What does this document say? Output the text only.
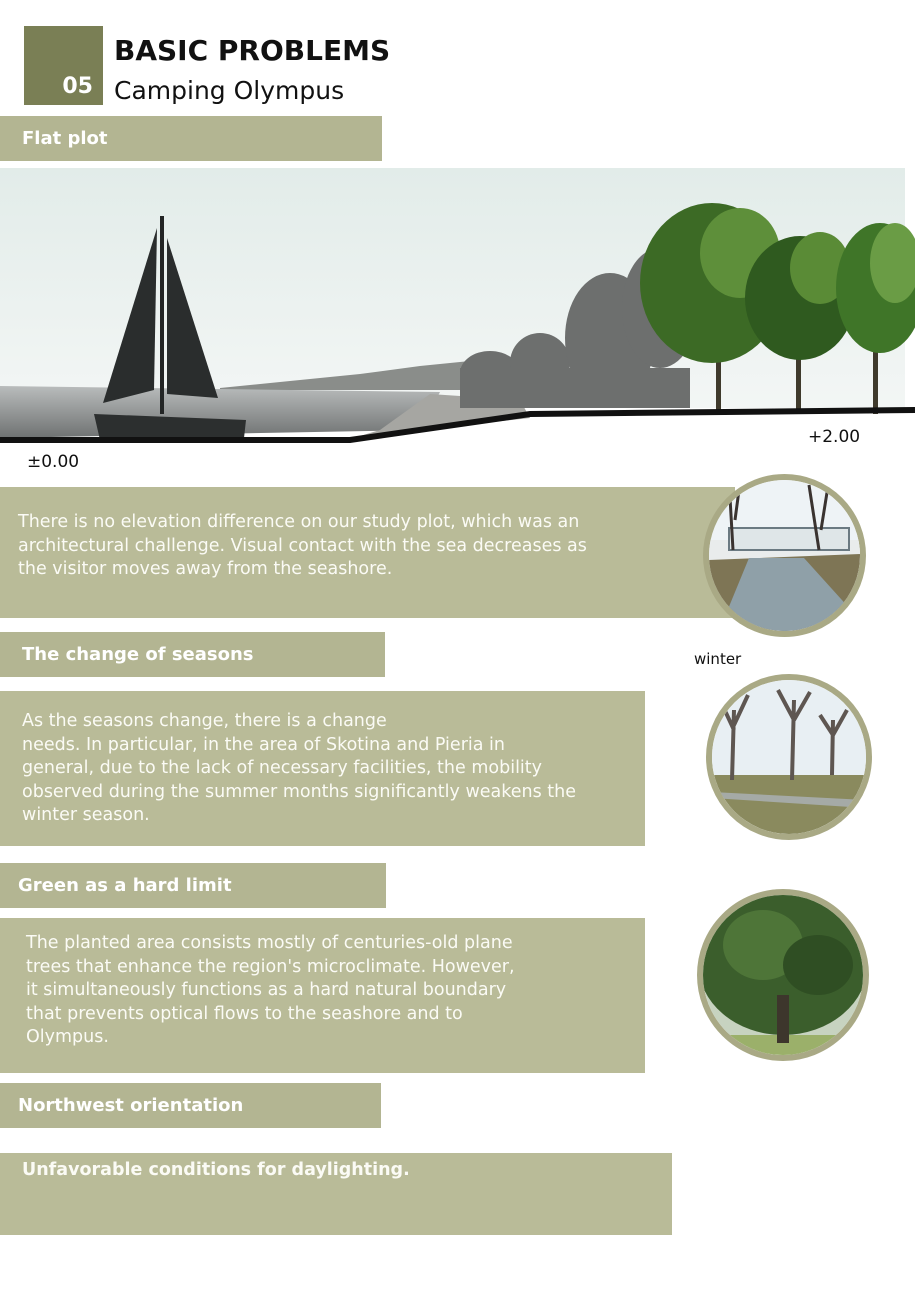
05
BASIC PROBLEMS
Camping Olympus
Flat plot
+2.00
±0.00
There is no elevation difference on our study plot, which was an architectural challenge. Visual contact with the sea decreases as the visitor moves away from the seashore.
The change of seasons	winter
As the seasons change, there is a change
needs. In particular, in the area of Skotina and Pieria in
general, due to the lack of necessary facilities, the mobility
observed during the summer months significantly weakens the
winter season.
Green as a hard limit
The planted area consists mostly of centuries-old plane
trees that enhance the region's microclimate. However,
it simultaneously functions as a hard natural boundary
that prevents optical flows to the seashore and to
Olympus.
Northwest orientation
Unfavorable conditions for daylighting.
